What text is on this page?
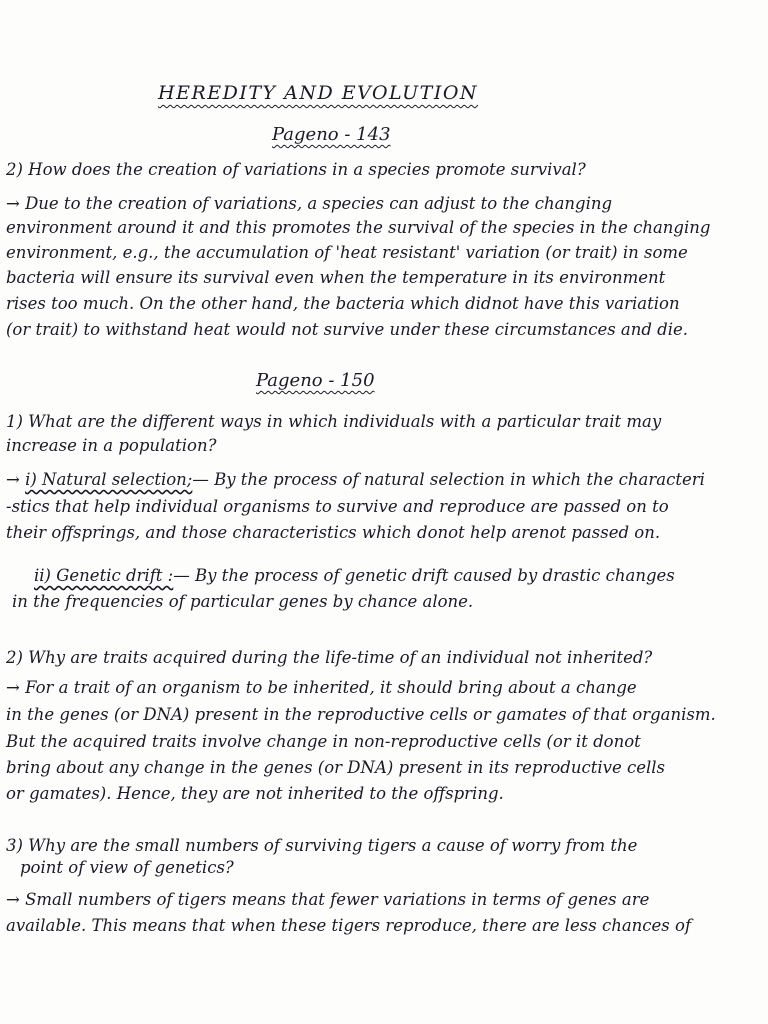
HEREDITY AND EVOLUTION
Pageno - 143
2) How does the creation of variations in a species promote survival?
→ Due to the creation of variations, a species can adjust to the changing
environment around it and this promotes the survival of the species in the changing
environment, e.g., the accumulation of 'heat resistant' variation (or trait) in some
bacteria will ensure its survival even when the temperature in its environment
rises too much. On the other hand, the bacteria which didnot have this variation
(or trait) to withstand heat would not survive under these circumstances and die.
Pageno - 150
1) What are the different ways in which individuals with a particular trait may
increase in a population?
→ i) Natural selection;— By the process of natural selection in which the characteri
-stics that help individual organisms to survive and reproduce are passed on to
their offsprings, and those characteristics which donot help arenot passed on.
ii) Genetic drift :— By the process of genetic drift caused by drastic changes
in the frequencies of particular genes by chance alone.
2) Why are traits acquired during the life-time of an individual not inherited?
→ For a trait of an organism to be inherited, it should bring about a change
in the genes (or DNA) present in the reproductive cells or gamates of that organism.
But the acquired traits involve change in non-reproductive cells (or it donot
bring about any change in the genes (or DNA) present in its reproductive cells
or gamates). Hence, they are not inherited to the offspring.
3) Why are the small numbers of surviving tigers a cause of worry from the
point of view of genetics?
→ Small numbers of tigers means that fewer variations in terms of genes are
available. This means that when these tigers reproduce, there are less chances of
